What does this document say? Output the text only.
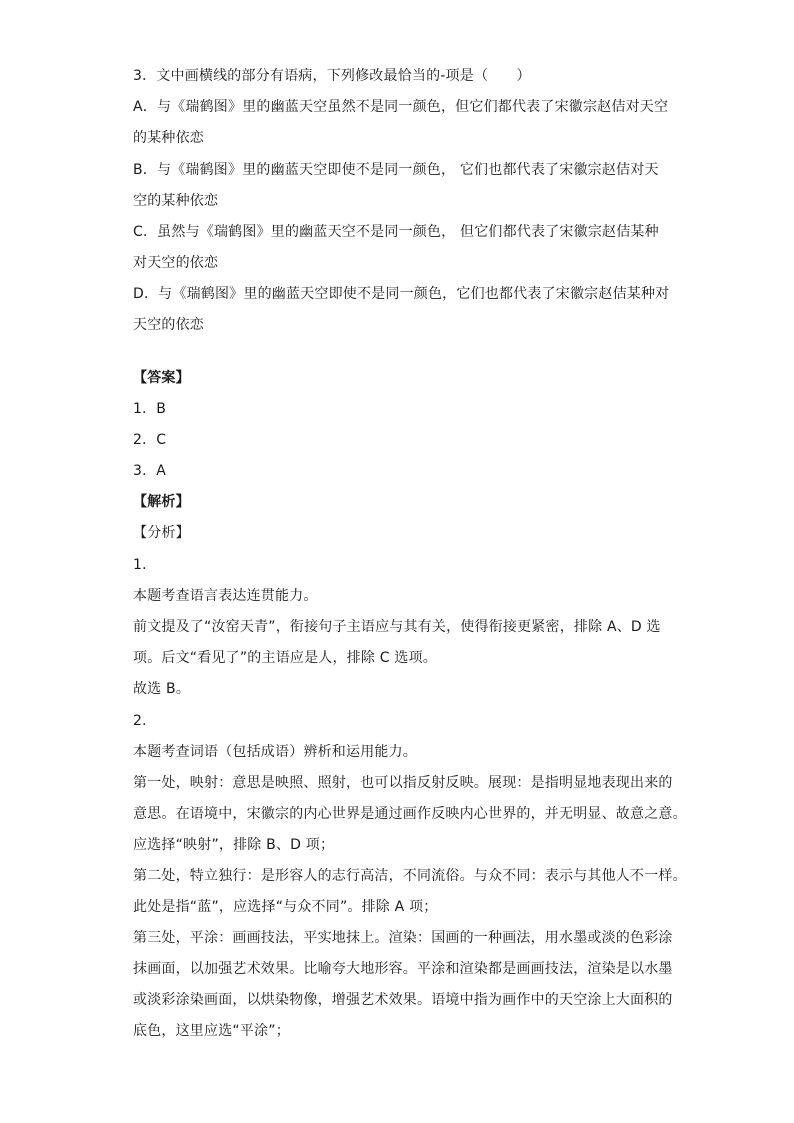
3．文中画横线的部分有语病，下列修改最恰当的-项是（　　）
A．与《瑞鹤图》里的幽蓝天空虽然不是同一颜色，但它们都代表了宋徽宗赵佶对天空
的某种依恋
B．与《瑞鹤图》里的幽蓝天空即使不是同一颜色， 它们也都代表了宋徽宗赵佶对天
空的某种依恋
C．虽然与《瑞鹤图》里的幽蓝天空不是同一颜色， 但它们都代表了宋徽宗赵佶某种
对天空的依恋
D．与《瑞鹤图》里的幽蓝天空即使不是同一颜色，它们也都代表了宋徽宗赵佶某种对
天空的依恋
【答案】
1．B
2．C
3．A
【解析】
【分析】
1．
本题考查语言表达连贯能力。
前文提及了“汝窑天青”，衔接句子主语应与其有关，使得衔接更紧密，排除 A、D 选
项。后文“看见了”的主语应是人，排除 C 选项。
故选 B。
2．
本题考查词语（包括成语）辨析和运用能力。
第一处，映射：意思是映照、照射，也可以指反射反映。展现：是指明显地表现出来的
意思。在语境中，宋徽宗的内心世界是通过画作反映内心世界的，并无明显、故意之意。
应选择“映射”，排除 B、D 项；
第二处，特立独行：是形容人的志行高洁，不同流俗。与众不同：表示与其他人不一样。
此处是指“蓝”，应选择“与众不同”。排除 A 项；
第三处，平涂：画画技法，平实地抹上。渲染：国画的一种画法，用水墨或淡的色彩涂
抹画面，以加强艺术效果。比喻夸大地形容。平涂和渲染都是画画技法，渲染是以水墨
或淡彩涂染画面，以烘染物像，增强艺术效果。语境中指为画作中的天空涂上大面积的
底色，这里应选“平涂”；
